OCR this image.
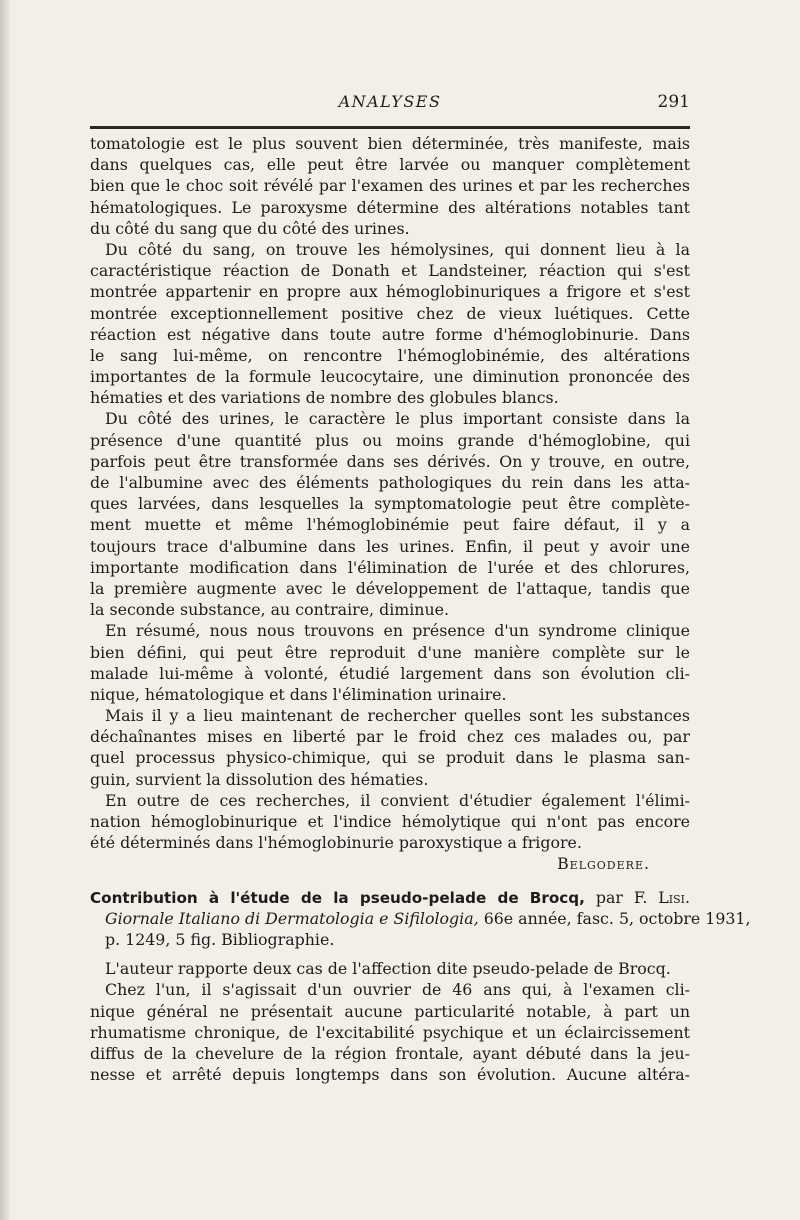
ANALYSES	291
tomatologie est le plus souvent bien déterminée, très manifeste, mais
dans quelques cas, elle peut être larvée ou manquer complètement
bien que le choc soit révélé par l'examen des urines et par les recherches
hématologiques. Le paroxysme détermine des altérations notables tant
du côté du sang que du côté des urines.
Du côté du sang, on trouve les hémolysines, qui donnent lieu à la
caractéristique réaction de Donath et Landsteiner, réaction qui s'est
montrée appartenir en propre aux hémoglobinuriques a frigore et s'est
montrée exceptionnellement positive chez de vieux luétiques. Cette
réaction est négative dans toute autre forme d'hémoglobinurie. Dans
le sang lui-même, on rencontre l'hémoglobinémie, des altérations
importantes de la formule leucocytaire, une diminution prononcée des
hématies et des variations de nombre des globules blancs.
Du côté des urines, le caractère le plus important consiste dans la
présence d'une quantité plus ou moins grande d'hémoglobine, qui
parfois peut être transformée dans ses dérivés. On y trouve, en outre,
de l'albumine avec des éléments pathologiques du rein dans les atta-
ques larvées, dans lesquelles la symptomatologie peut être complète-
ment muette et même l'hémoglobinémie peut faire défaut, il y a
toujours trace d'albumine dans les urines. Enfin, il peut y avoir une
importante modification dans l'élimination de l'urée et des chlorures,
la première augmente avec le développement de l'attaque, tandis que
la seconde substance, au contraire, diminue.
En résumé, nous nous trouvons en présence d'un syndrome clinique
bien défini, qui peut être reproduit d'une manière complète sur le
malade lui-même à volonté, étudié largement dans son évolution cli-
nique, hématologique et dans l'élimination urinaire.
Mais il y a lieu maintenant de rechercher quelles sont les substances
déchaînantes mises en liberté par le froid chez ces malades ou, par
quel processus physico-chimique, qui se produit dans le plasma san-
guin, survient la dissolution des hématies.
En outre de ces recherches, il convient d'étudier également l'élimi-
nation hémoglobinurique et l'indice hémolytique qui n'ont pas encore
été déterminés dans l'hémoglobinurie paroxystique a frigore.
Belgodere.
Contribution à l'étude de la pseudo-pelade de Brocq, par F. Lisi.
Giornale Italiano di Dermatologia e Sifilologia, 66e année, fasc. 5, octobre 1931,
p. 1249, 5 fig. Bibliographie.
L'auteur rapporte deux cas de l'affection dite pseudo-pelade de Brocq.
Chez l'un, il s'agissait d'un ouvrier de 46 ans qui, à l'examen cli-
nique général ne présentait aucune particularité notable, à part un
rhumatisme chronique, de l'excitabilité psychique et un éclaircissement
diffus de la chevelure de la région frontale, ayant débuté dans la jeu-
nesse et arrêté depuis longtemps dans son évolution. Aucune altéra-
